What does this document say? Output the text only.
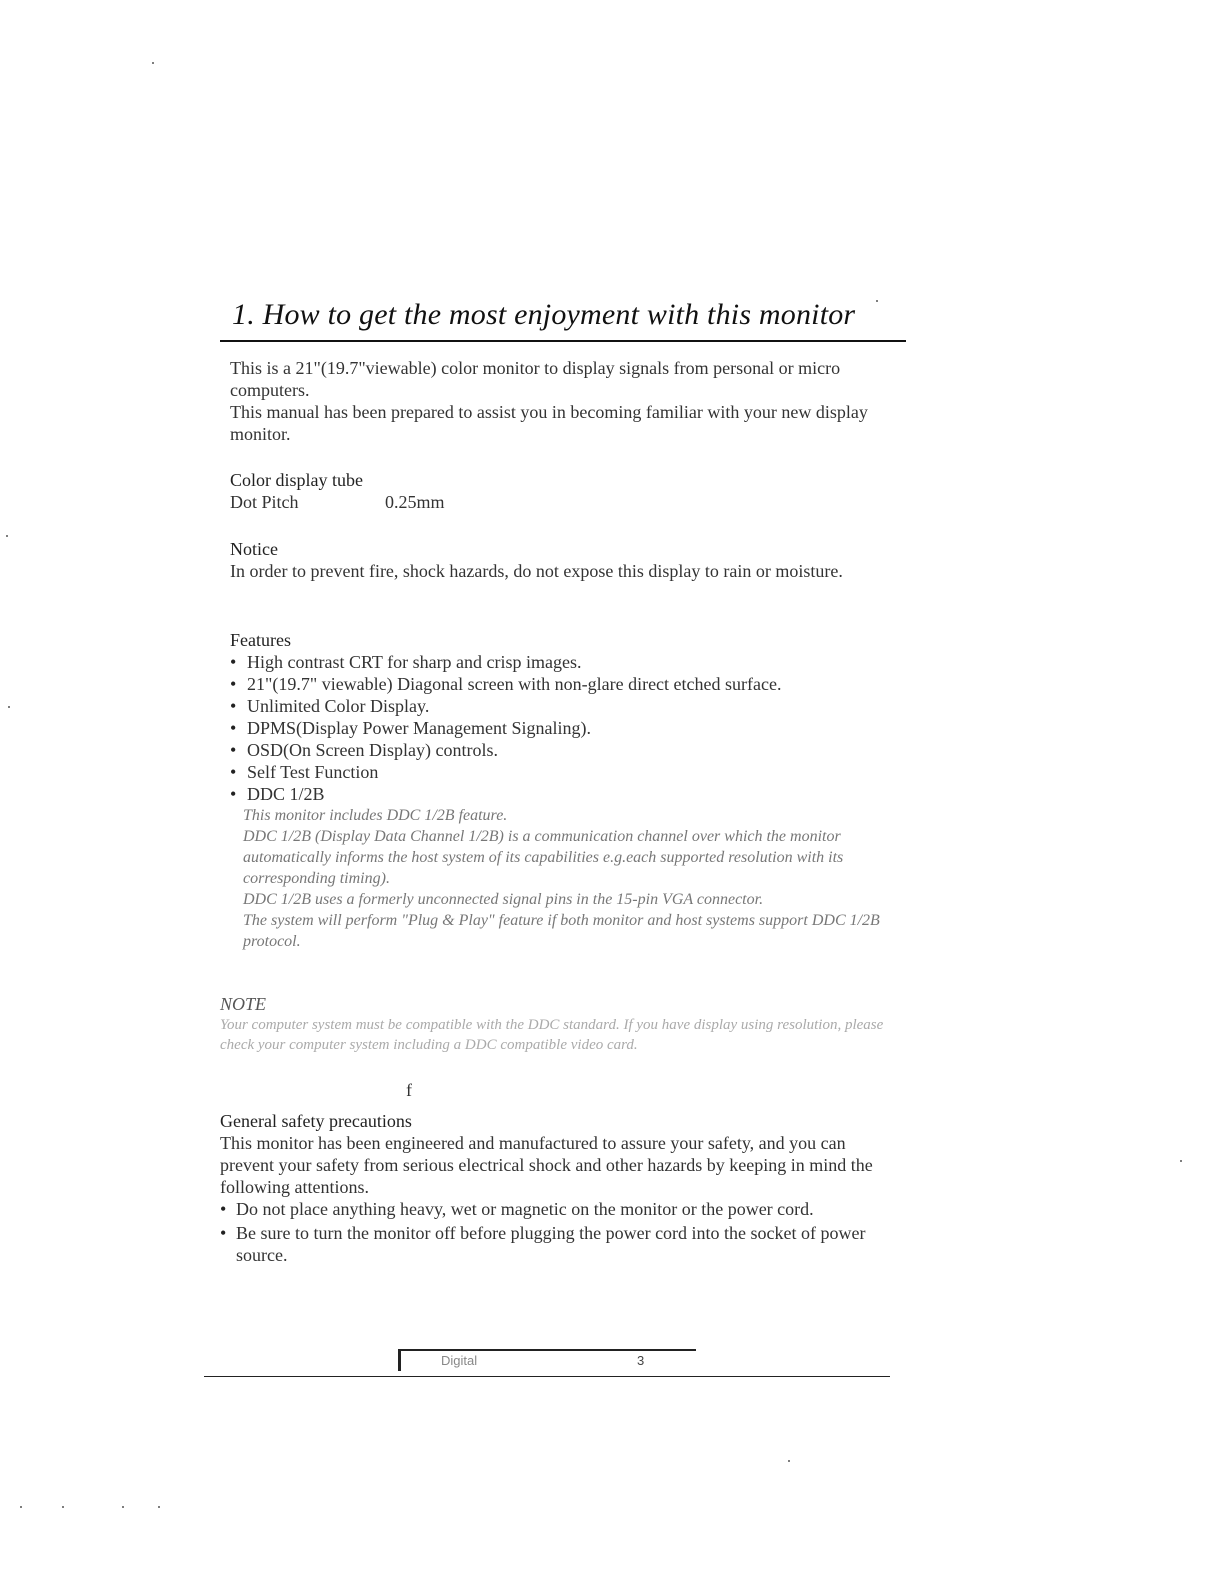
1. How to get the most enjoyment with this monitor

This is a 21"(19.7"viewable) color monitor to display signals from personal or micro computers.

This manual has been prepared to assist you in becoming familiar with your new display monitor.

Color display tube

Dot Pitch	0.25mm

Notice

In order to prevent fire, shock hazards, do not expose this display to rain or moisture.

Features

• High contrast CRT for sharp and crisp images.
• 21"(19.7" viewable) Diagonal screen with non-glare direct etched surface.
• Unlimited Color Display.
• DPMS(Display Power Management Signaling).
• OSD(On Screen Display) controls.
• Self Test Function
• DDC 1/2B

This monitor includes DDC 1/2B feature.

DDC 1/2B (Display Data Channel 1/2B) is a communication channel over which the monitor automatically informs the host system of its capabilities e.g.each supported resolution with its corresponding timing).

DDC 1/2B uses a formerly unconnected signal pins in the 15-pin VGA connector.

The system will perform "Plug & Play" feature if both monitor and host systems support DDC 1/2B protocol.

NOTE

Your computer system must be compatible with the DDC standard. If you have display using resolution, please check your computer system including a DDC compatible video card.

f

General safety precautions

This monitor has been engineered and manufactured to assure your safety, and you can prevent your safety from serious electrical shock and other hazards by keeping in mind the following attentions.

• Do not place anything heavy, wet or magnetic on the monitor or the power cord.
• Be sure to turn the monitor off before plugging the power cord into the socket of power source.
Digital	3
